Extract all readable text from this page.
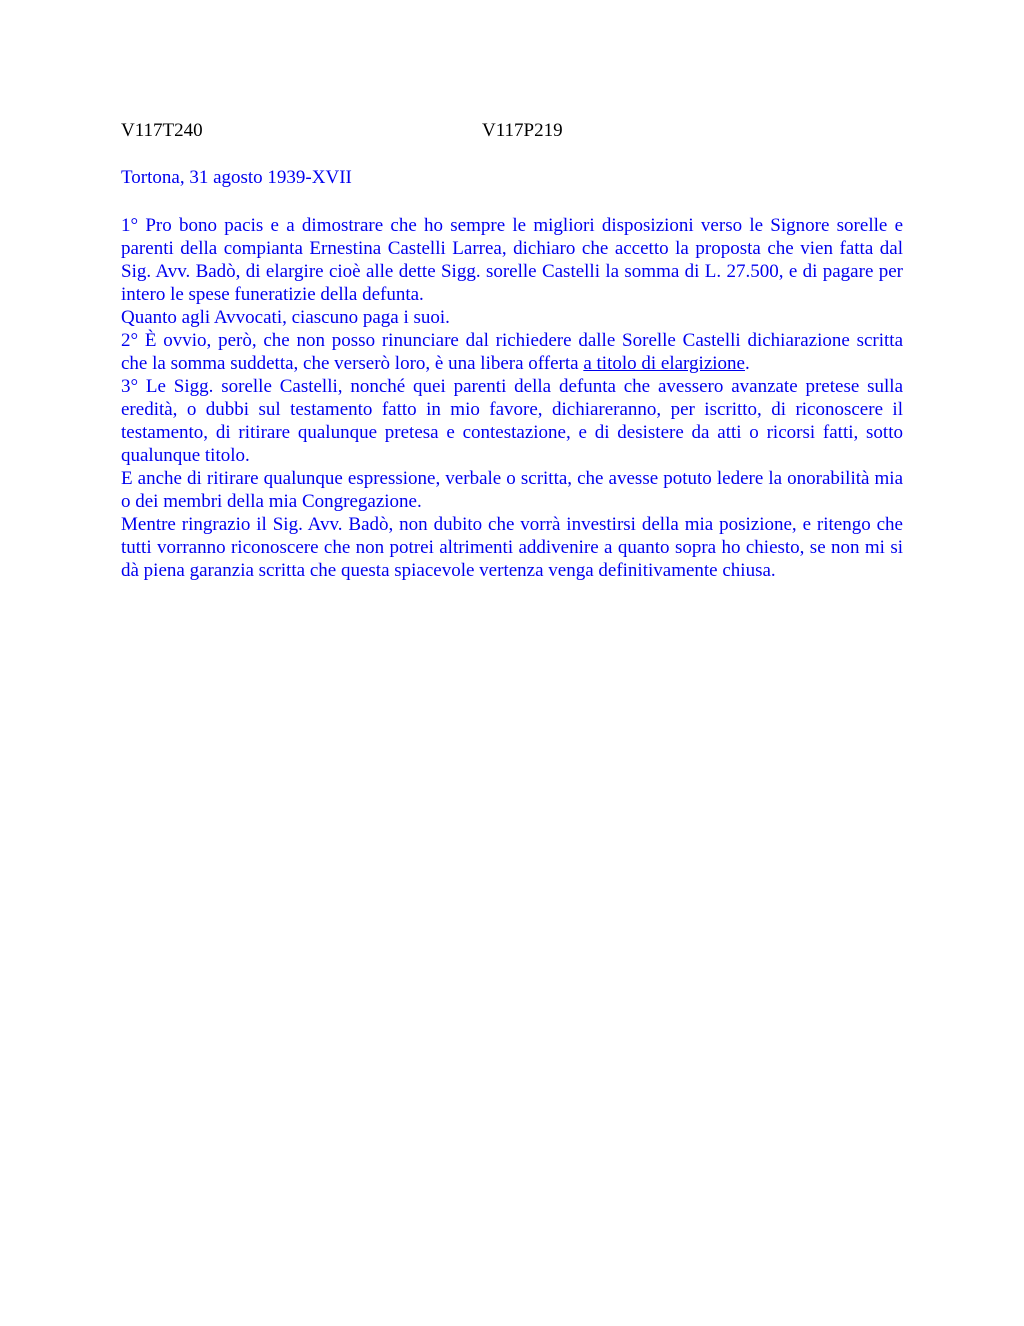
V117T240	V117P219
Tortona, 31 agosto 1939-XVII

1° Pro bono pacis e a dimostrare che ho sempre le migliori disposizioni verso le Signore sorelle e parenti della compianta Ernestina Castelli Larrea, dichiaro che accetto la proposta che vien fatta dal Sig. Avv. Badò, di elargire cioè alle dette Sigg. sorelle Castelli la somma di L. 27.500, e di pagare per intero le spese funeratizie della defunta.

Quanto agli Avvocati, ciascuno paga i suoi.

2° È ovvio, però, che non posso rinunciare dal richiedere dalle Sorelle Castelli dichiarazione scritta che la somma suddetta, che verserò loro, è una libera offerta a titolo di elargizione.

3° Le Sigg. sorelle Castelli, nonché quei parenti della defunta che avessero avanzate pretese sulla eredità, o dubbi sul testamento fatto in mio favore, dichiareranno, per iscritto, di riconoscere il testamento, di ritirare qualunque pretesa e contestazione, e di desistere da atti o ricorsi fatti, sotto qualunque titolo.

E anche di ritirare qualunque espressione, verbale o scritta, che avesse potuto ledere la onorabilità mia o dei membri della mia Congregazione.

Mentre ringrazio il Sig. Avv. Badò, non dubito che vorrà investirsi della mia posizione, e ritengo che tutti vorranno riconoscere che non potrei altrimenti addivenire a quanto sopra ho chiesto, se non mi si dà piena garanzia scritta che questa spiacevole vertenza venga definitivamente chiusa.
